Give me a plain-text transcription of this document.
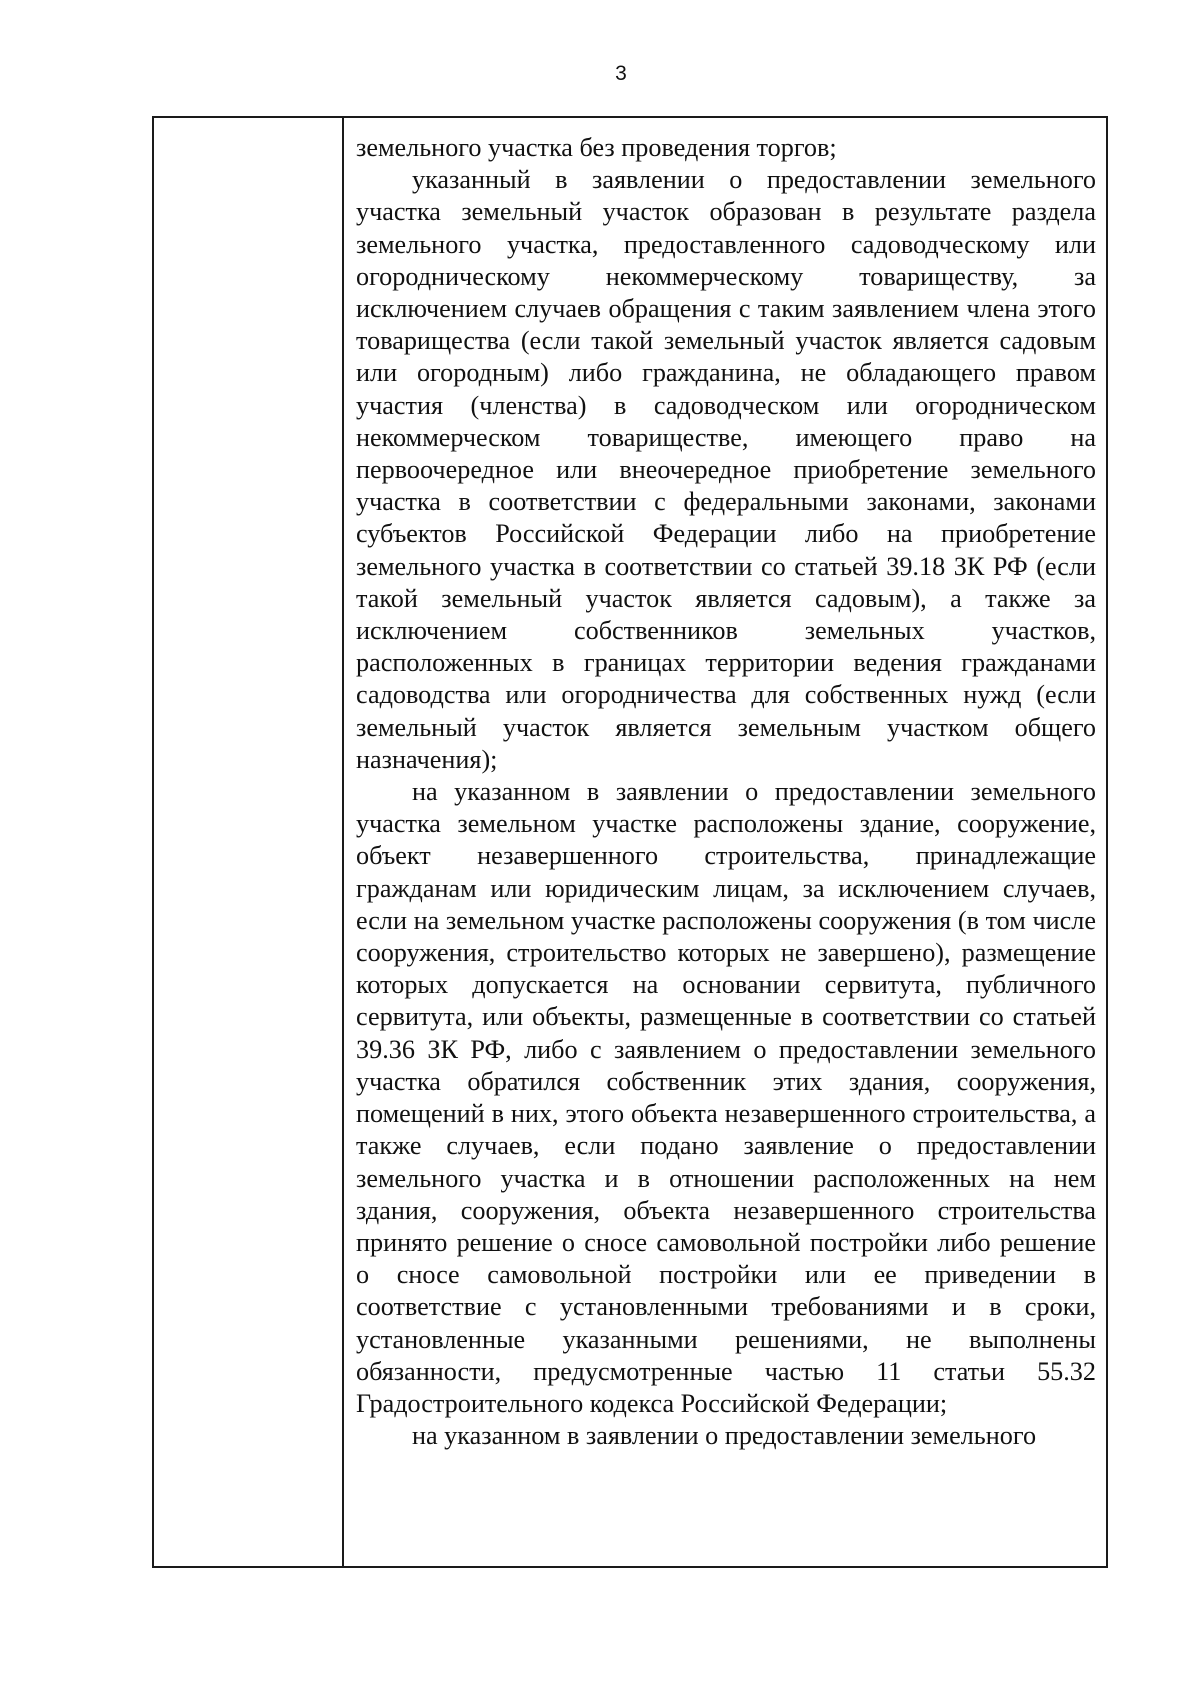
3

земельного участка без проведения торгов;

указанный в заявлении о предоставлении земельного участка земельный участок образован в результате раздела земельного участка, предоставленного садоводческому или огородническому некоммерческому товариществу, за исключением случаев обращения с таким заявлением члена этого товарищества (если такой земельный участок является садовым или огородным) либо гражданина, не обладающего правом участия (членства) в садоводческом или огородническом некоммерческом товариществе, имеющего право на первоочередное или внеочередное приобретение земельного участка в соответствии с федеральными законами, законами субъектов Российской Федерации либо на приобретение земельного участка в соответствии со статьей 39.18 ЗК РФ (если такой земельный участок является садовым), а также за исключением собственников земельных участков, расположенных в границах территории ведения гражданами садоводства или огородничества для собственных нужд (если земельный участок является земельным участком общего назначения);

на указанном в заявлении о предоставлении земельного участка земельном участке расположены здание, сооружение, объект незавершенного строительства, принадлежащие гражданам или юридическим лицам, за исключением случаев, если на земельном участке расположены сооружения (в том числе сооружения, строительство которых не завершено), размещение которых допускается на основании сервитута, публичного сервитута, или объекты, размещенные в соответствии со статьей 39.36 ЗК РФ, либо с заявлением о предоставлении земельного участка обратился собственник этих здания, сооружения, помещений в них, этого объекта незавершенного строительства, а также случаев, если подано заявление о предоставлении земельного участка и в отношении расположенных на нем здания, сооружения, объекта незавершенного строительства принято решение о сносе самовольной постройки либо решение о сносе самовольной постройки или ее приведении в соответствие с установленными требованиями и в сроки, установленные указанными решениями, не выполнены обязанности, предусмотренные частью 11 статьи 55.32 Градостроительного кодекса Российской Федерации;

на указанном в заявлении о предоставлении земельного
